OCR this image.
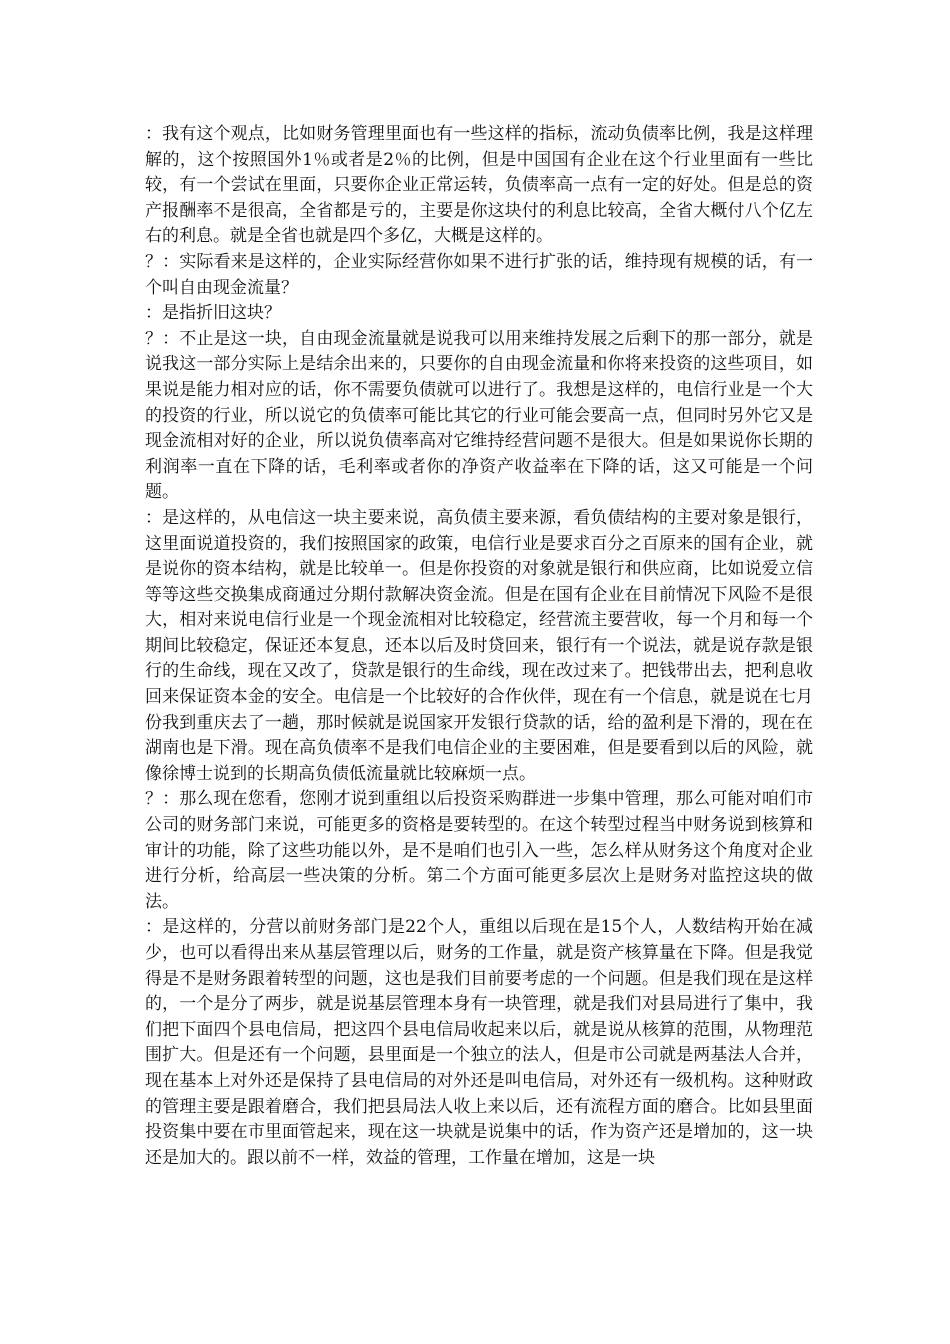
：我有这个观点，比如财务管理里面也有一些这样的指标，流动负债率比例，我是这样理解的，这个按照国外1％或者是2％的比例，但是中国国有企业在这个行业里面有一些比较，有一个尝试在里面，只要你企业正常运转，负债率高一点有一定的好处。但是总的资产报酬率不是很高，全省都是亏的，主要是你这块付的利息比较高，全省大概付八个亿左右的利息。就是全省也就是四个多亿，大概是这样的。

？：实际看来是这样的，企业实际经营你如果不进行扩张的话，维持现有规模的话，有一个叫自由现金流量？

：是指折旧这块？

？：不止是这一块，自由现金流量就是说我可以用来维持发展之后剩下的那一部分，就是说我这一部分实际上是结余出来的，只要你的自由现金流量和你将来投资的这些项目，如果说是能力相对应的话，你不需要负债就可以进行了。我想是这样的，电信行业是一个大的投资的行业，所以说它的负债率可能比其它的行业可能会要高一点，但同时另外它又是现金流相对好的企业，所以说负债率高对它维持经营问题不是很大。但是如果说你长期的利润率一直在下降的话，毛利率或者你的净资产收益率在下降的话，这又可能是一个问题。

：是这样的，从电信这一块主要来说，高负债主要来源，看负债结构的主要对象是银行，这里面说道投资的，我们按照国家的政策，电信行业是要求百分之百原来的国有企业，就是说你的资本结构，就是比较单一。但是你投资的对象就是银行和供应商，比如说爱立信等等这些交换集成商通过分期付款解决资金流。但是在国有企业在目前情况下风险不是很大，相对来说电信行业是一个现金流相对比较稳定，经营流主要营收，每一个月和每一个期间比较稳定，保证还本复息，还本以后及时贷回来，银行有一个说法，就是说存款是银行的生命线，现在又改了，贷款是银行的生命线，现在改过来了。把钱带出去，把利息收回来保证资本金的安全。电信是一个比较好的合作伙伴，现在有一个信息，就是说在七月份我到重庆去了一趟，那时候就是说国家开发银行贷款的话，给的盈利是下滑的，现在在湖南也是下滑。现在高负债率不是我们电信企业的主要困难，但是要看到以后的风险，就像徐博士说到的长期高负债低流量就比较麻烦一点。

？：那么现在您看，您刚才说到重组以后投资采购群进一步集中管理，那么可能对咱们市公司的财务部门来说，可能更多的资格是要转型的。在这个转型过程当中财务说到核算和审计的功能，除了这些功能以外，是不是咱们也引入一些，怎么样从财务这个角度对企业进行分析，给高层一些决策的分析。第二个方面可能更多层次上是财务对监控这块的做法。

：是这样的，分营以前财务部门是22个人，重组以后现在是15个人，人数结构开始在减少，也可以看得出来从基层管理以后，财务的工作量，就是资产核算量在下降。但是我觉得是不是财务跟着转型的问题，这也是我们目前要考虑的一个问题。但是我们现在是这样的，一个是分了两步，就是说基层管理本身有一块管理，就是我们对县局进行了集中，我们把下面四个县电信局，把这四个县电信局收起来以后，就是说从核算的范围，从物理范围扩大。但是还有一个问题，县里面是一个独立的法人，但是市公司就是两基法人合并，现在基本上对外还是保持了县电信局的对外还是叫电信局，对外还有一级机构。这种财政的管理主要是跟着磨合，我们把县局法人收上来以后，还有流程方面的磨合。比如县里面投资集中要在市里面管起来，现在这一块就是说集中的话，作为资产还是增加的，这一块还是加大的。跟以前不一样，效益的管理，工作量在增加，这是一块
